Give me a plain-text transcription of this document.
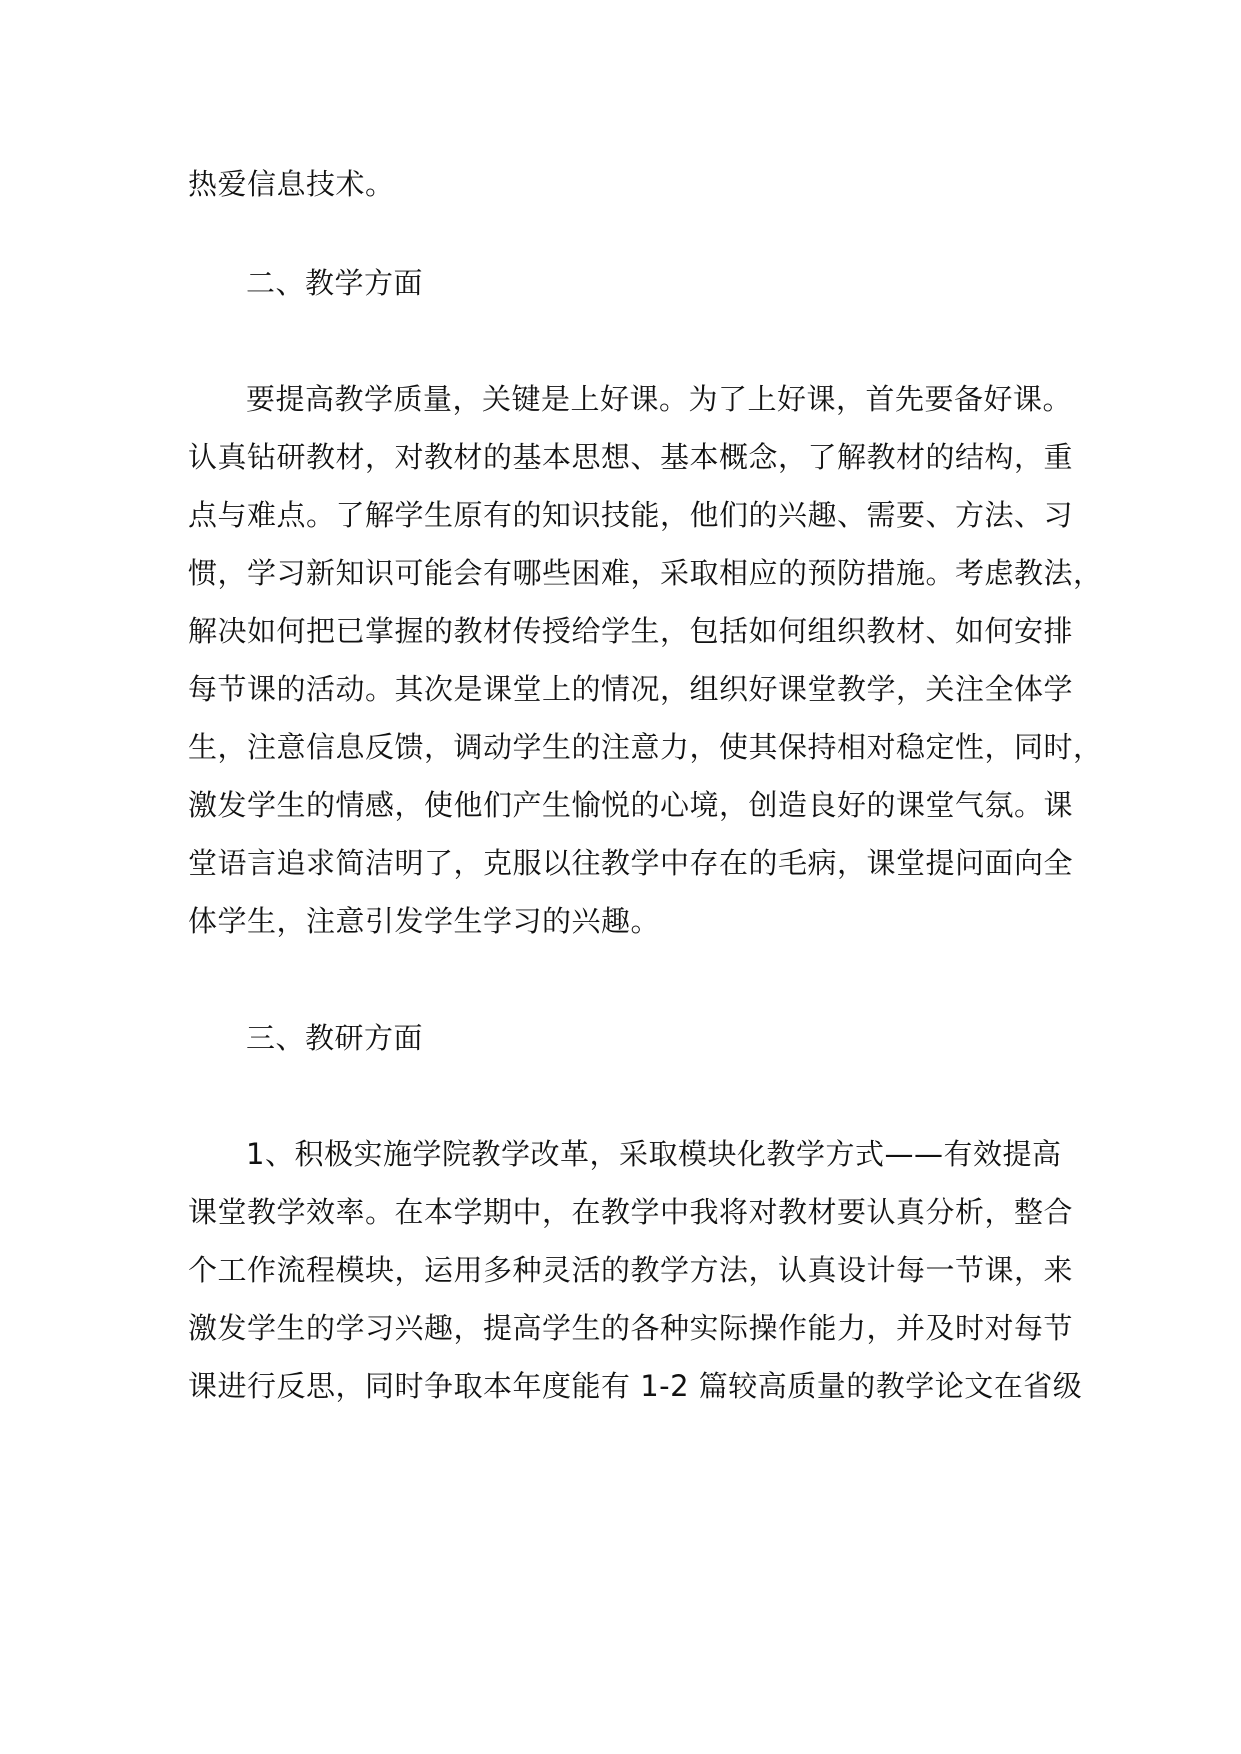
热爱信息技术。

二、教学方面

要提高教学质量，关键是上好课。为了上好课，首先要备好课。

认真钻研教材，对教材的基本思想、基本概念，了解教材的结构，重

点与难点。了解学生原有的知识技能，他们的兴趣、需要、方法、习

惯，学习新知识可能会有哪些困难，采取相应的预防措施。考虑教法，

解决如何把已掌握的教材传授给学生，包括如何组织教材、如何安排

每节课的活动。其次是课堂上的情况，组织好课堂教学，关注全体学

生，注意信息反馈，调动学生的注意力，使其保持相对稳定性，同时，

激发学生的情感，使他们产生愉悦的心境，创造良好的课堂气氛。课

堂语言追求简洁明了，克服以往教学中存在的毛病，课堂提问面向全

体学生，注意引发学生学习的兴趣。

三、教研方面

1、积极实施学院教学改革，采取模块化教学方式——有效提高

课堂教学效率。在本学期中，在教学中我将对教材要认真分析，整合

个工作流程模块，运用多种灵活的教学方法，认真设计每一节课，来

激发学生的学习兴趣，提高学生的各种实际操作能力，并及时对每节

课进行反思，同时争取本年度能有 1-2 篇较高质量的教学论文在省级
